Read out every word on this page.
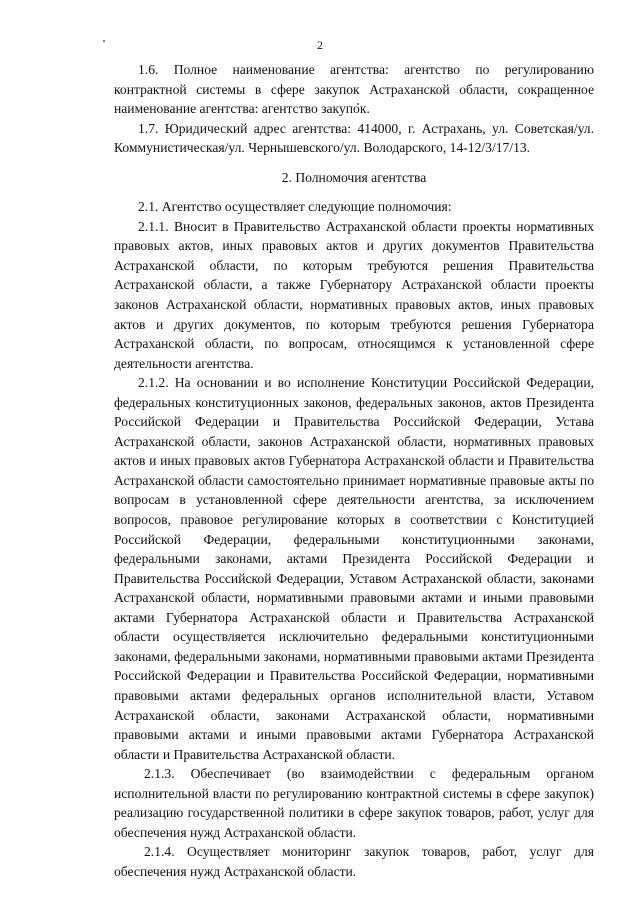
2

1.6. Полное наименование агентства: агентство по регулированию контрактной системы в сфере закупок Астраханской области, сокращенное наименование агентства: агентство закупок.

1.7. Юридический адрес агентства: 414000, г. Астрахань, ул. Советская/ул. Коммунистическая/ул. Чернышевского/ул. Володарского, 14-12/3/17/13.

2. Полномочия агентства

2.1. Агентство осуществляет следующие полномочия:

2.1.1. Вносит в Правительство Астраханской области проекты нормативных правовых актов, иных правовых актов и других документов Правительства Астраханской области, по которым требуются решения Правительства Астраханской области, а также Губернатору Астраханской области проекты законов Астраханской области, нормативных правовых актов, иных правовых актов и других документов, по которым требуются решения Губернатора Астраханской области, по вопросам, относящимся к установленной сфере деятельности агентства.

2.1.2. На основании и во исполнение Конституции Российской Федерации, федеральных конституционных законов, федеральных законов, актов Президента Российской Федерации и Правительства Российской Федерации, Устава Астраханской области, законов Астраханской области, нормативных правовых актов и иных правовых актов Губернатора Астраханской области и Правительства Астраханской области самостоятельно принимает нормативные правовые акты по вопросам в установленной сфере деятельности агентства, за исключением вопросов, правовое регулирование которых в соответствии с Конституцией Российской Федерации, федеральными конституционными законами, федеральными законами, актами Президента Российской Федерации и Правительства Российской Федерации, Уставом Астраханской области, законами Астраханской области, нормативными правовыми актами и иными правовыми актами Губернатора Астраханской области и Правительства Астраханской области осуществляется исключительно федеральными конституционными законами, федеральными законами, нормативными правовыми актами Президента Российской Федерации и Правительства Российской Федерации, нормативными правовыми актами федеральных органов исполнительной власти, Уставом Астраханской области, законами Астраханской области, нормативными правовыми актами и иными правовыми актами Губернатора Астраханской области и Правительства Астраханской области.

2.1.3. Обеспечивает (во взаимодействии с федеральным органом исполнительной власти по регулированию контрактной системы в сфере закупок) реализацию государственной политики в сфере закупок товаров, работ, услуг для обеспечения нужд Астраханской области.

2.1.4. Осуществляет мониторинг закупок товаров, работ, услуг для обеспечения нужд Астраханской области.
